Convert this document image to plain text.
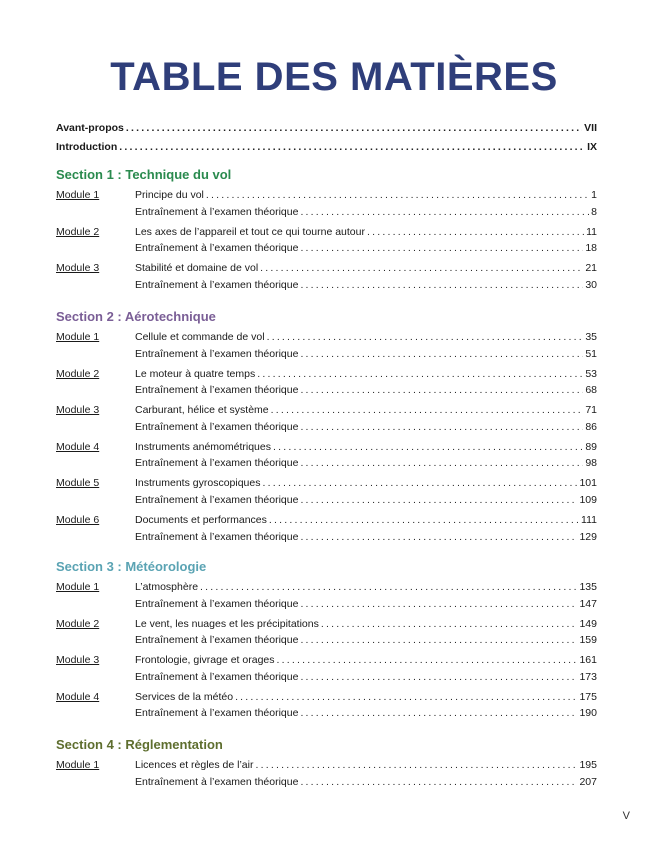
TABLE DES MATIÈRES
Avant-propos .....	VII
Introduction .....	IX
Section 1 : Technique du vol
Module 1	Principe du vol .....	1
Entraînement à l’examen théorique .....	8
Module 2	Les axes de l’appareil et tout ce qui tourne autour .....	11
Entraînement à l’examen théorique .....	18
Module 3	Stabilité et domaine de vol .....	21
Entraînement à l’examen théorique .....	30
Section 2 : Aérotechnique
Module 1	Cellule et commande de vol .....	35
Entraînement à l’examen théorique .....	51
Module 2	Le moteur à quatre temps .....	53
Entraînement à l’examen théorique .....	68
Module 3	Carburant, hélice et système .....	71
Entraînement à l’examen théorique .....	86
Module 4	Instruments anémométriques .....	89
Entraînement à l’examen théorique .....	98
Module 5	Instruments gyroscopiques .....	101
Entraînement à l’examen théorique .....	109
Module 6	Documents et performances .....	111
Entraînement à l’examen théorique .....	129
Section 3 : Météorologie
Module 1	L’atmosphère .....	135
Entraînement à l’examen théorique .....	147
Module 2	Le vent, les nuages et les précipitations .....	149
Entraînement à l’examen théorique .....	159
Module 3	Frontologie, givrage et orages .....	161
Entraînement à l’examen théorique .....	173
Module 4	Services de la météo .....	175
Entraînement à l’examen théorique .....	190
Section 4 : Réglementation
Module 1	Licences et règles de l’air .....	195
Entraînement à l’examen théorique .....	207
V
